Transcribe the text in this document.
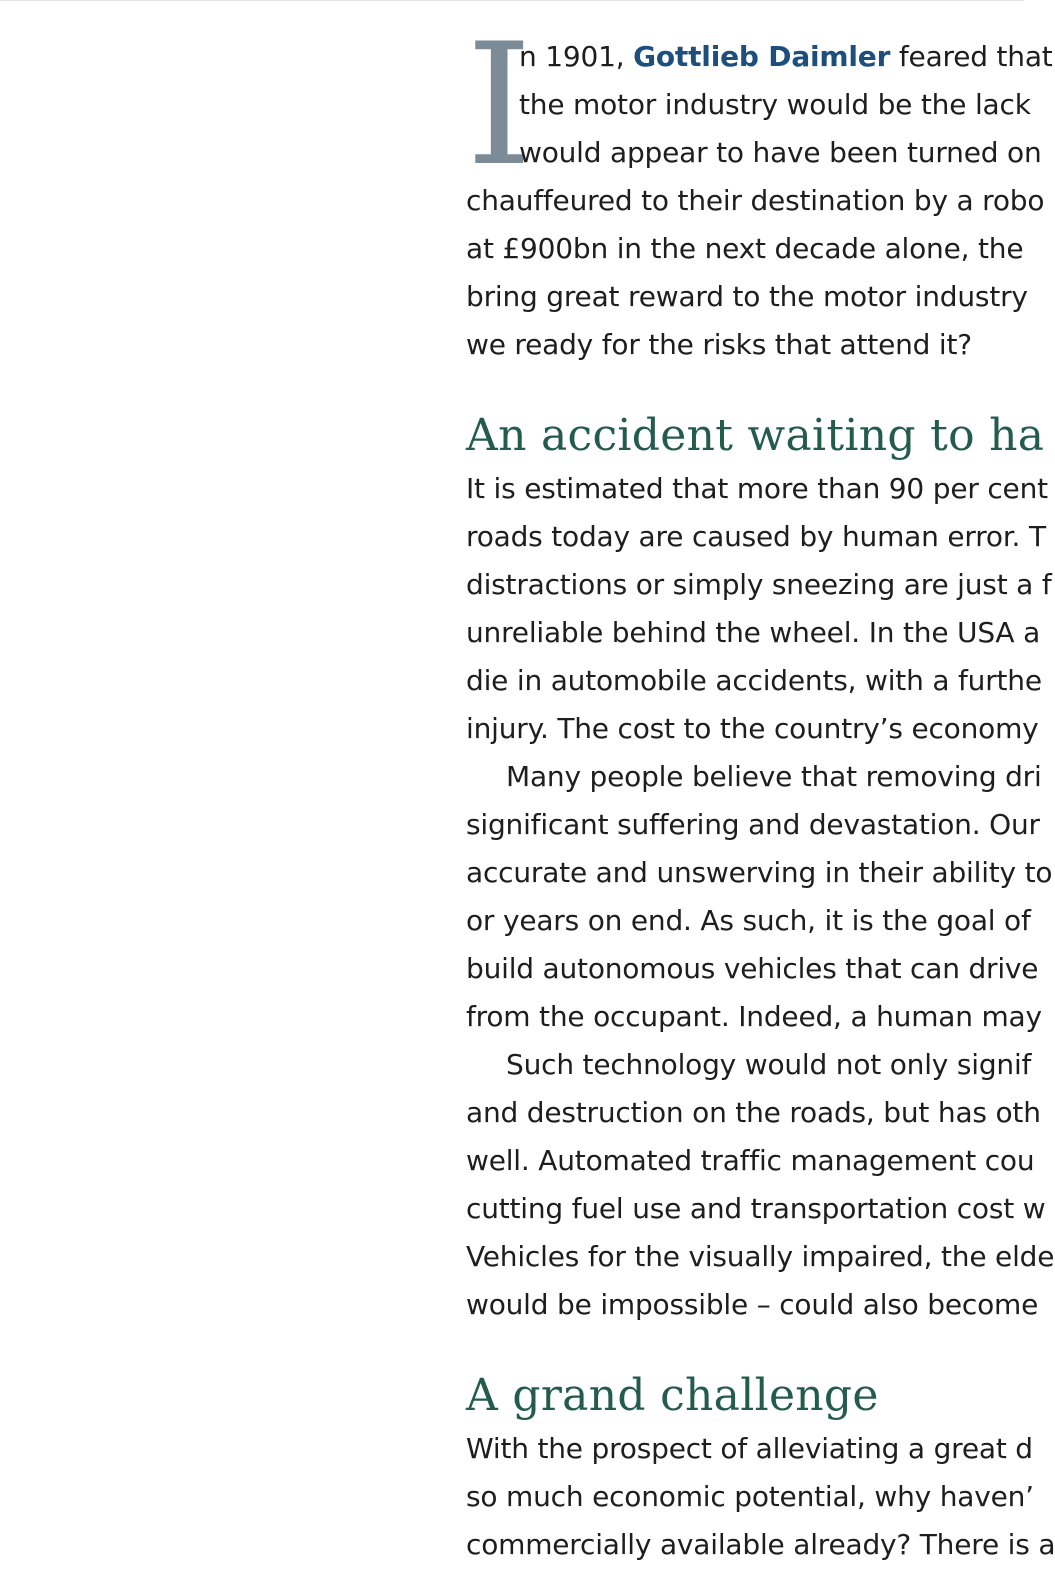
I
n 1901, Gottlieb Daimler feared that
the motor industry would be the lack
would appear to have been turned on
chauffeured to their destination by a robo
at £900bn in the next decade alone, the
bring great reward to the motor industry
we ready for the risks that attend it?
An accident waiting to ha
It is estimated that more than 90 per cent
roads today are caused by human error. T
distractions or simply sneezing are just a f
unreliable behind the wheel. In the USA a
die in automobile accidents, with a furthe
injury. The cost to the country’s economy
Many people believe that removing dri
significant suffering and devastation. Our
accurate and unswerving in their ability to
or years on end. As such, it is the goal of
build autonomous vehicles that can drive
from the occupant. Indeed, a human may
Such technology would not only signif
and destruction on the roads, but has oth
well. Automated traffic management cou
cutting fuel use and transportation cost w
Vehicles for the visually impaired, the elde
would be impossible – could also become
A grand challenge
With the prospect of alleviating a great d
so much economic potential, why haven’
commercially available already? There is a
